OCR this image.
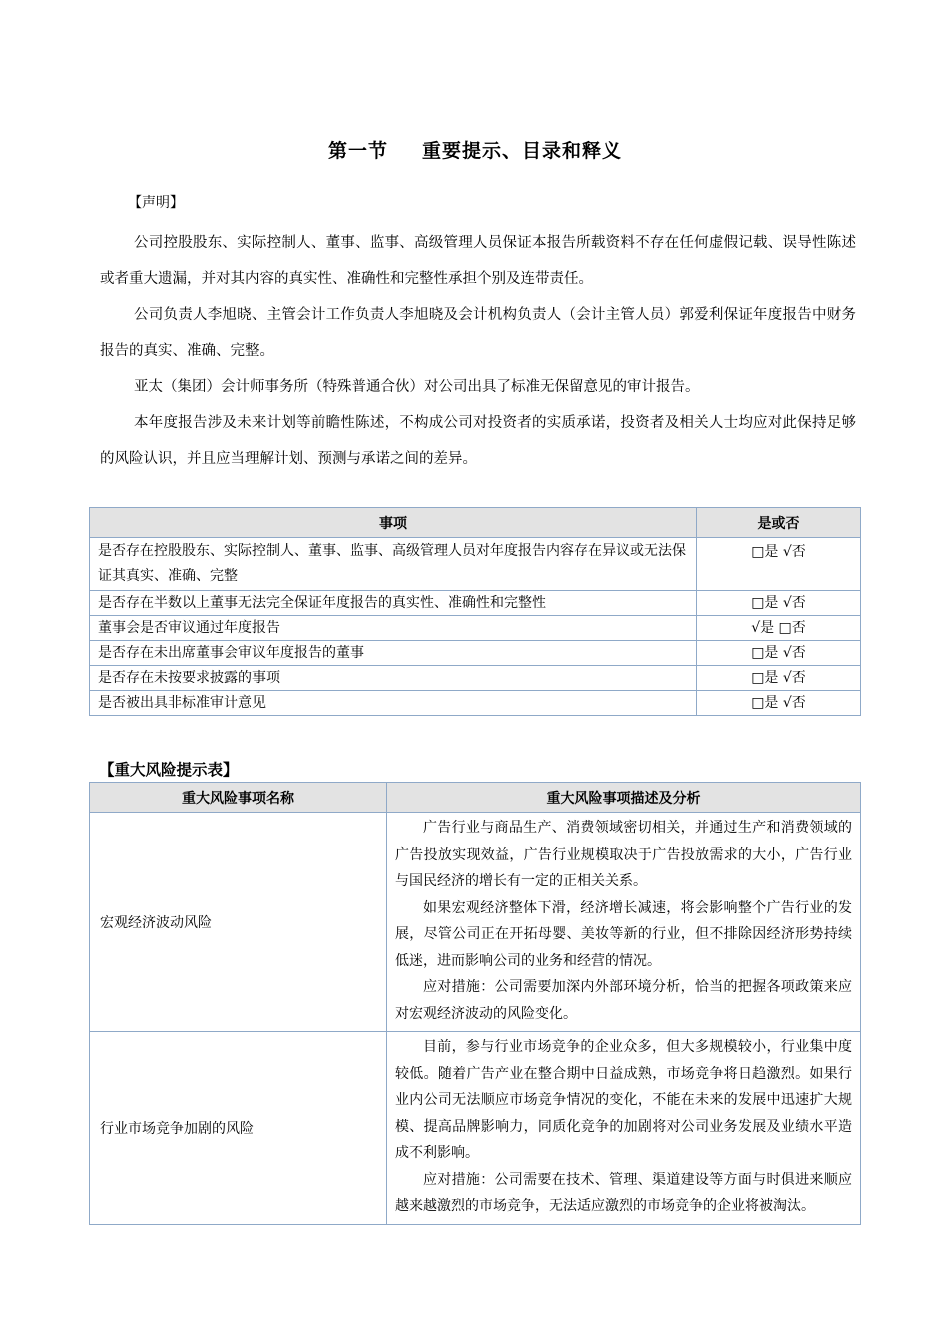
第一节 重要提示、目录和释义
【声明】

公司控股股东、实际控制人、董事、监事、高级管理人员保证本报告所载资料不存在任何虚假记载、误导性陈述或者重大遗漏，并对其内容的真实性、准确性和完整性承担个别及连带责任。

公司负责人李旭晓、主管会计工作负责人李旭晓及会计机构负责人（会计主管人员）郭爱利保证年度报告中财务报告的真实、准确、完整。

亚太（集团）会计师事务所（特殊普通合伙）对公司出具了标准无保留意见的审计报告。

本年度报告涉及未来计划等前瞻性陈述，不构成公司对投资者的实质承诺，投资者及相关人士均应对此保持足够的风险认识，并且应当理解计划、预测与承诺之间的差异。

事项	是或否
是否存在控股股东、实际控制人、董事、监事、高级管理人员对年度报告内容存在异议或无法保证其真实、准确、完整	□是 √否
是否存在半数以上董事无法完全保证年度报告的真实性、准确性和完整性	□是 √否
董事会是否审议通过年度报告	√是 □否
是否存在未出席董事会审议年度报告的董事	□是 √否
是否存在未按要求披露的事项	□是 √否
是否被出具非标准审计意见	□是 √否
【重大风险提示表】
重大风险事项名称	重大风险事项描述及分析
宏观经济波动风险	广告行业与商品生产、消费领域密切相关，并通过生产和消费领域的广告投放实现效益，广告行业规模取决于广告投放需求的大小，广告行业与国民经济的增长有一定的正相关关系。

如果宏观经济整体下滑，经济增长减速，将会影响整个广告行业的发展，尽管公司正在开拓母婴、美妆等新的行业，但不排除因经济形势持续低迷，进而影响公司的业务和经营的情况。

应对措施：公司需要加深内外部环境分析，恰当的把握各项政策来应对宏观经济波动的风险变化。

行业市场竞争加剧的风险	目前，参与行业市场竞争的企业众多，但大多规模较小，行业集中度较低。随着广告产业在整合期中日益成熟，市场竞争将日趋激烈。如果行业内公司无法顺应市场竞争情况的变化，不能在未来的发展中迅速扩大规模、提高品牌影响力，同质化竞争的加剧将对公司业务发展及业绩水平造成不利影响。

应对措施：公司需要在技术、管理、渠道建设等方面与时俱进来顺应越来越激烈的市场竞争，无法适应激烈的市场竞争的企业将被淘汰。
